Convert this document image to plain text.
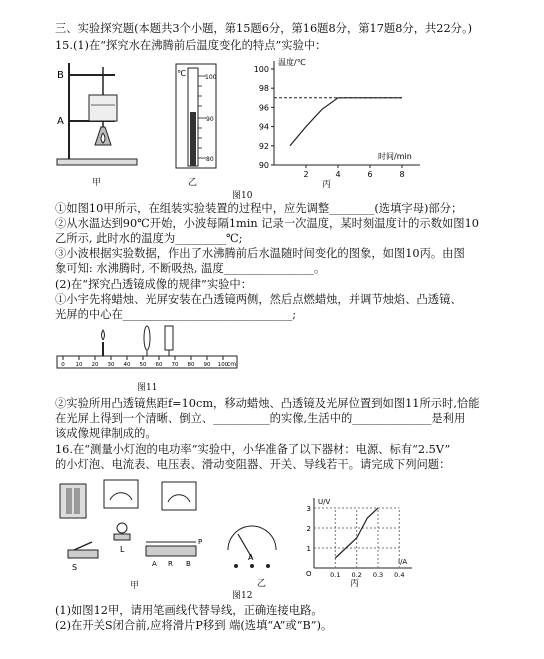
三、实验探究题(本题共3个小题，第15题6分，第16题8分，第17题8分，共22分。)
15.(1)在“探究水在沸腾前后温度变化的特点”实验中：
B
A
甲
℃	100
90
80
乙
温度/℃
时间/min
90
92
94
96
98
100
2	4	6	8
丙
图10
①如图10甲所示，在组装实验装置的过程中，应先调整________(选填字母)部分；
②从水温达到90℃开始，小波每隔1min 记录一次温度，某时刻温度计的示数如图10
乙所示, 此时水的温度为_________℃;
③小波根据实验数据，作出了水沸腾前后水温随时间变化的图象，如图10丙。由图
象可知: 水沸腾时, 不断吸热, 温度________________。
(2)在“探究凸透镜成像的规律”实验中：
①小宇先将蜡烛、光屏安装在凸透镜两侧，然后点燃蜡烛，并调节烛焰、凸透镜、
光屏的中心在______________________________;
0 10 20 30 40 50 60 70 80 90 100
cm
图11
②实验所用凸透镜焦距f=10cm，移动蜡烛、凸透镜及光屏位置到如图11所示时,恰能
在光屏上得到一个清晰、倒立、__________的实像,生活中的______________是利用
该成像规律制成的。
16.在“测量小灯泡的电功率”实验中，小华准备了以下器材：电源、标有“2.5V”
的小灯泡、电流表、电压表、滑动变阻器、开关、导线若干。请完成下列问题：
L
P
A R B
S
甲
A
乙
U/V
I/A
O
1
2
3
0.1 0.2 0.3 0.4
丙
图12
(1)如图12甲，请用笔画线代替导线，正确连接电路。
(2)在开关S闭合前,应将滑片P移到 端(选填“A”或“B”)。
